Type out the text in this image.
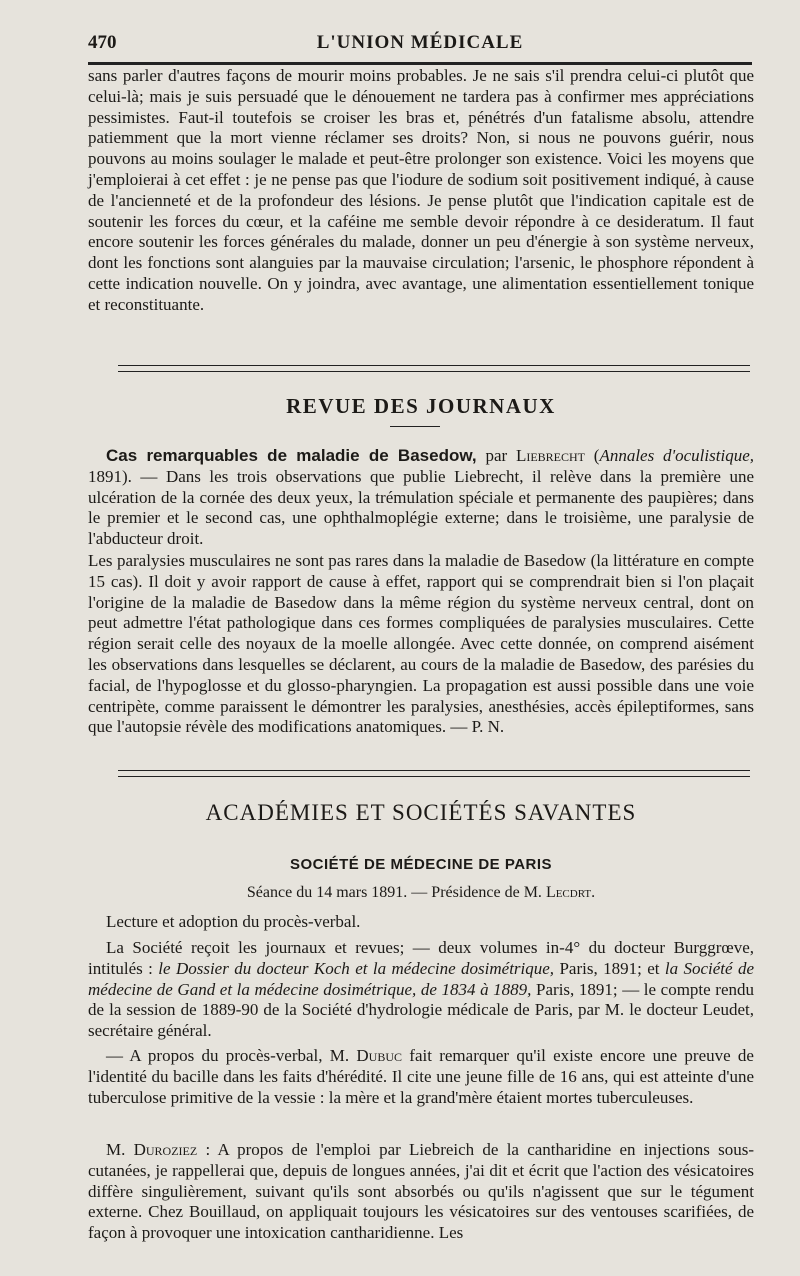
470	L'UNION MÉDICALE

sans parler d'autres façons de mourir moins probables. Je ne sais s'il prendra celui-ci plutôt que celui-là; mais je suis persuadé que le dénouement ne tardera pas à confirmer mes appréciations pessimistes. Faut-il toutefois se croiser les bras et, pénétrés d'un fatalisme absolu, attendre patiemment que la mort vienne réclamer ses droits? Non, si nous ne pouvons guérir, nous pouvons au moins soulager le malade et peut-être prolonger son existence. Voici les moyens que j'emploierai à cet effet : je ne pense pas que l'iodure de sodium soit positivement indiqué, à cause de l'ancienneté et de la profondeur des lésions. Je pense plutôt que l'indication capitale est de soutenir les forces du cœur, et la caféine me semble devoir répondre à ce desideratum. Il faut encore soutenir les forces générales du malade, donner un peu d'énergie à son système nerveux, dont les fonctions sont alanguies par la mauvaise circulation; l'arsenic, le phosphore répondent à cette indication nouvelle. On y joindra, avec avantage, une alimentation essentiellement tonique et reconstituante.

REVUE DES JOURNAUX

Cas remarquables de maladie de Basedow, par Liebrecht (Annales d'oculistique, 1891). — Dans les trois observations que publie Liebrecht, il relève dans la première une ulcération de la cornée des deux yeux, la trémulation spéciale et permanente des paupières; dans le premier et le second cas, une ophthalmoplégie externe; dans le troisième, une paralysie de l'abducteur droit.

Les paralysies musculaires ne sont pas rares dans la maladie de Basedow (la littérature en compte 15 cas). Il doit y avoir rapport de cause à effet, rapport qui se comprendrait bien si l'on plaçait l'origine de la maladie de Basedow dans la même région du système nerveux central, dont on peut admettre l'état pathologique dans ces formes compliquées de paralysies musculaires. Cette région serait celle des noyaux de la moelle allongée. Avec cette donnée, on comprend aisément les observations dans lesquelles se déclarent, au cours de la maladie de Basedow, des parésies du facial, de l'hypoglosse et du glosso-pharyngien. La propagation est aussi possible dans une voie centripète, comme paraissent le démontrer les paralysies, anesthésies, accès épileptiformes, sans que l'autopsie révèle des modifications anatomiques. — P. N.

ACADÉMIES ET SOCIÉTÉS SAVANTES
SOCIÉTÉ DE MÉDECINE DE PARIS
Séance du 14 mars 1891. — Présidence de M. Lecdrt.

Lecture et adoption du procès-verbal.

La Société reçoit les journaux et revues; — deux volumes in-4° du docteur Burggrœve, intitulés : le Dossier du docteur Koch et la médecine dosimétrique, Paris, 1891; et la Société de médecine de Gand et la médecine dosimétrique, de 1834 à 1889, Paris, 1891; — le compte rendu de la session de 1889-90 de la Société d'hydrologie médicale de Paris, par M. le docteur Leudet, secrétaire général.

— A propos du procès-verbal, M. Dubuc fait remarquer qu'il existe encore une preuve de l'identité du bacille dans les faits d'hérédité. Il cite une jeune fille de 16 ans, qui est atteinte d'une tuberculose primitive de la vessie : la mère et la grand'mère étaient mortes tuberculeuses.

M. Duroziez : A propos de l'emploi par Liebreich de la cantharidine en injections sous-cutanées, je rappellerai que, depuis de longues années, j'ai dit et écrit que l'action des vésicatoires diffère singulièrement, suivant qu'ils sont absorbés ou qu'ils n'agissent que sur le tégument externe. Chez Bouillaud, on appliquait toujours les vésicatoires sur des ventouses scarifiées, de façon à provoquer une intoxication cantharidienne. Les
